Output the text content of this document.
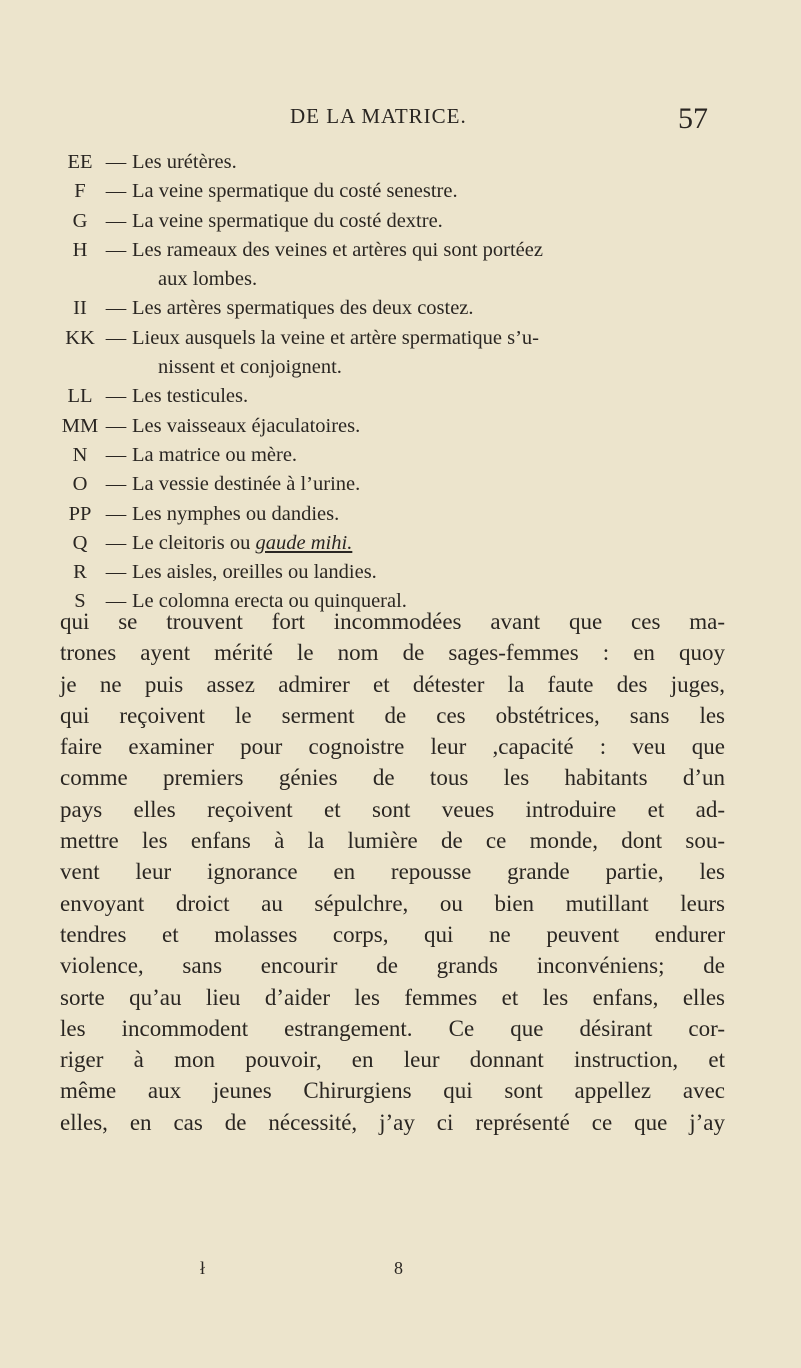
DE LA MATRICE.	57
EE — Les urétères.
F — La veine spermatique du costé senestre.
G — La veine spermatique du costé dextre.
H — Les rameaux des veines et artères qui sont portéez
aux lombes.
II — Les artères spermatiques des deux costez.
KK — Lieux ausquels la veine et artère spermatique s’u-
nissent et conjoignent.
LL — Les testicules.
MM — Les vaisseaux éjaculatoires.
N — La matrice ou mère.
O — La vessie destinée à l’urine.
PP — Les nymphes ou dandies.
Q — Le cleitoris ou gaude mihi.
R — Les aisles, oreilles ou landies.
S — Le colomna erecta ou quinqueral.
qui se trouvent fort incommodées avant que ces ma-
trones ayent mérité le nom de sages-femmes : en quoy
je ne puis assez admirer et détester la faute des juges,
qui reçoivent le serment de ces obstétrices, sans les
faire examiner pour cognoistre leur ,capacité : veu que
comme premiers génies de tous les habitants d’un
pays elles reçoivent et sont veues introduire et ad-
mettre les enfans à la lumière de ce monde, dont sou-
vent leur ignorance en repousse grande partie, les
envoyant droict au sépulchre, ou bien mutillant leurs
tendres et molasses corps, qui ne peuvent endurer
violence, sans encourir de grands inconvéniens; de
sorte qu’au lieu d’aider les femmes et les enfans, elles
les incommodent estrangement. Ce que désirant cor-
riger à mon pouvoir, en leur donnant instruction, et
même aux jeunes Chirurgiens qui sont appellez avec
elles, en cas de nécessité, j’ay ci représenté ce que j’ay
ł	8
